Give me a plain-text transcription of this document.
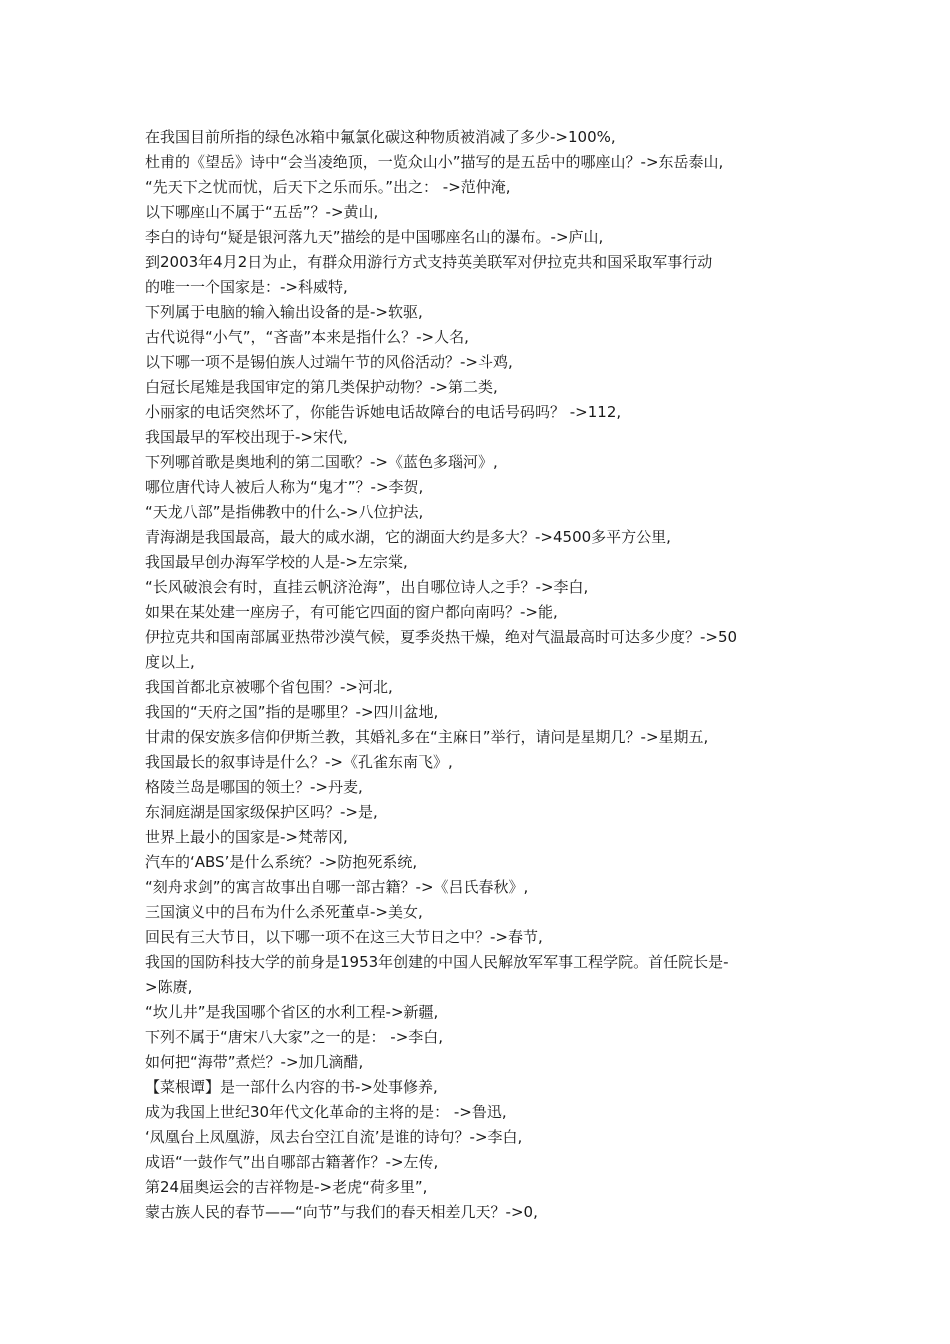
在我国目前所指的绿色冰箱中氟氯化碳这种物质被消减了多少->100%,
杜甫的《望岳》诗中“会当凌绝顶，一览众山小”描写的是五岳中的哪座山？->东岳泰山,
“先天下之忧而忧，后天下之乐而乐。”出之： ->范仲淹,
以下哪座山不属于“五岳”？->黄山,
李白的诗句“疑是银河落九天”描绘的是中国哪座名山的瀑布。->庐山,
到2003年4月2日为止，有群众用游行方式支持英美联军对伊拉克共和国采取军事行动
的唯一一个国家是：->科威特,
下列属于电脑的输入输出设备的是->软驱,
古代说得“小气”，“吝啬”本来是指什么？->人名,
以下哪一项不是锡伯族人过端午节的风俗活动？->斗鸡,
白冠长尾雉是我国审定的第几类保护动物？->第二类,
小丽家的电话突然坏了，你能告诉她电话故障台的电话号码吗？ ->112,
我国最早的军校出现于->宋代,
下列哪首歌是奥地利的第二国歌？->《蓝色多瑙河》,
哪位唐代诗人被后人称为“鬼才”？->李贺,
“天龙八部”是指佛教中的什么->八位护法,
青海湖是我国最高，最大的咸水湖，它的湖面大约是多大？->4500多平方公里,
我国最早创办海军学校的人是->左宗棠,
“长风破浪会有时，直挂云帆济沧海”，出自哪位诗人之手？->李白,
如果在某处建一座房子，有可能它四面的窗户都向南吗？->能,
伊拉克共和国南部属亚热带沙漠气候，夏季炎热干燥，绝对气温最高时可达多少度？->50
度以上,
我国首都北京被哪个省包围？->河北,
我国的“天府之国”指的是哪里？->四川盆地,
甘肃的保安族多信仰伊斯兰教，其婚礼多在“主麻日”举行，请问是星期几？->星期五,
我国最长的叙事诗是什么？->《孔雀东南飞》,
格陵兰岛是哪国的领土？->丹麦,
东洞庭湖是国家级保护区吗？->是,
世界上最小的国家是->梵蒂冈,
汽车的‘ABS’是什么系统？->防抱死系统,
“刻舟求剑”的寓言故事出自哪一部古籍？->《吕氏春秋》,
三国演义中的吕布为什么杀死董卓->美女,
回民有三大节日，以下哪一项不在这三大节日之中？->春节,
我国的国防科技大学的前身是1953年创建的中国人民解放军军事工程学院。首任院长是-
>陈赓,
“坎儿井”是我国哪个省区的水利工程->新疆,
下列不属于“唐宋八大家”之一的是： ->李白,
如何把“海带”煮烂？->加几滴醋,
【菜根谭】是一部什么内容的书->处事修养,
成为我国上世纪30年代文化革命的主将的是： ->鲁迅,
‘凤凰台上凤凰游，凤去台空江自流’是谁的诗句？->李白,
成语“一鼓作气”出自哪部古籍著作？->左传,
第24届奥运会的吉祥物是->老虎“荷多里”,
蒙古族人民的春节——“向节”与我们的春天相差几天？->0,
